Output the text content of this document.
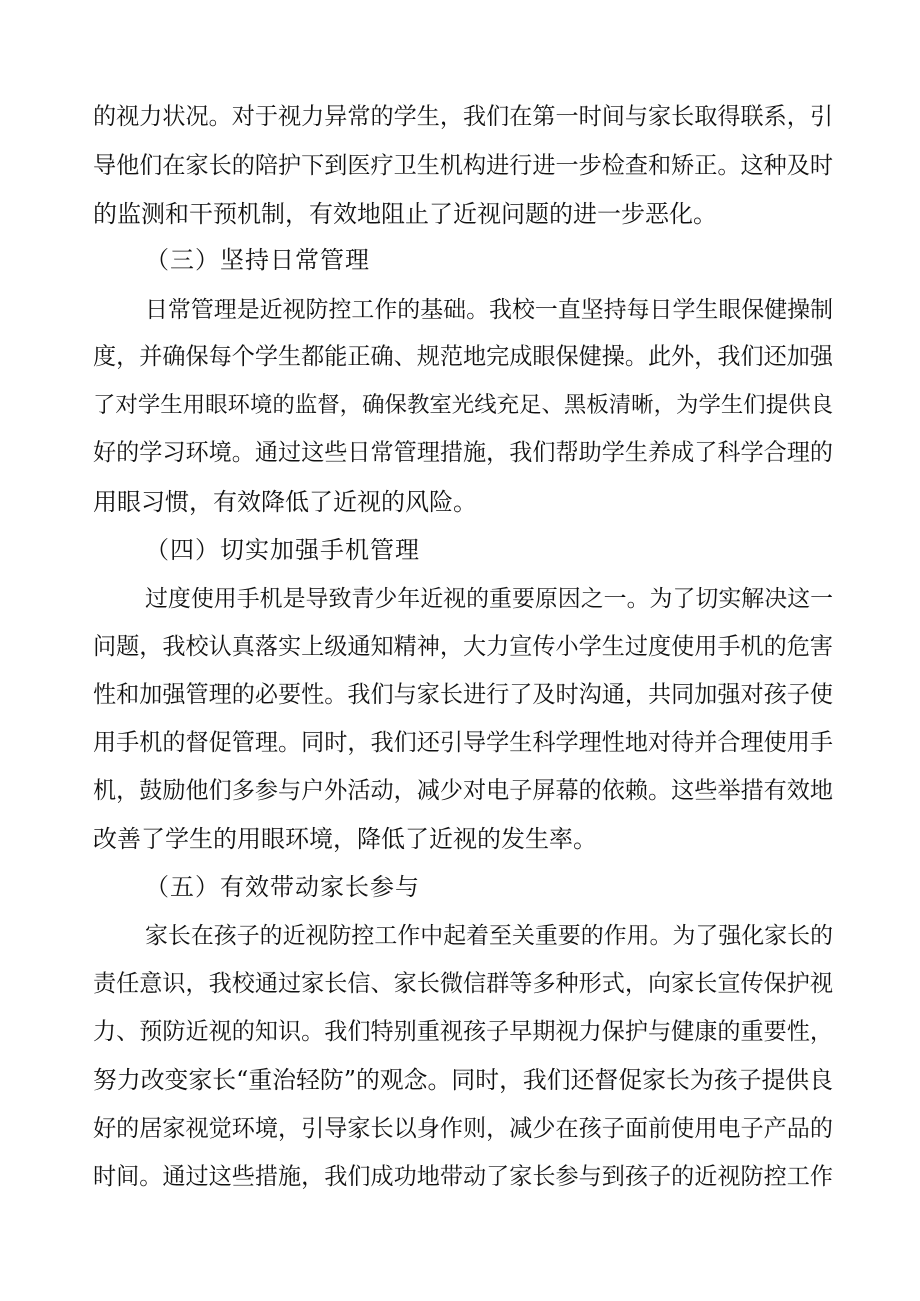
的视力状况。对于视力异常的学生，我们在第一时间与家长取得联系，引
导他们在家长的陪护下到医疗卫生机构进行进一步检查和矫正。这种及时
的监测和干预机制，有效地阻止了近视问题的进一步恶化。
（三）坚持日常管理
日常管理是近视防控工作的基础。我校一直坚持每日学生眼保健操制
度，并确保每个学生都能正确、规范地完成眼保健操。此外，我们还加强
了对学生用眼环境的监督，确保教室光线充足、黑板清晰，为学生们提供良
好的学习环境。通过这些日常管理措施，我们帮助学生养成了科学合理的
用眼习惯，有效降低了近视的风险。
（四）切实加强手机管理
过度使用手机是导致青少年近视的重要原因之一。为了切实解决这一
问题，我校认真落实上级通知精神，大力宣传小学生过度使用手机的危害
性和加强管理的必要性。我们与家长进行了及时沟通，共同加强对孩子使
用手机的督促管理。同时，我们还引导学生科学理性地对待并合理使用手
机，鼓励他们多参与户外活动，减少对电子屏幕的依赖。这些举措有效地
改善了学生的用眼环境，降低了近视的发生率。
（五）有效带动家长参与
家长在孩子的近视防控工作中起着至关重要的作用。为了强化家长的
责任意识，我校通过家长信、家长微信群等多种形式，向家长宣传保护视
力、预防近视的知识。我们特别重视孩子早期视力保护与健康的重要性，
努力改变家长“重治轻防”的观念。同时，我们还督促家长为孩子提供良
好的居家视觉环境，引导家长以身作则，减少在孩子面前使用电子产品的
时间。通过这些措施，我们成功地带动了家长参与到孩子的近视防控工作
